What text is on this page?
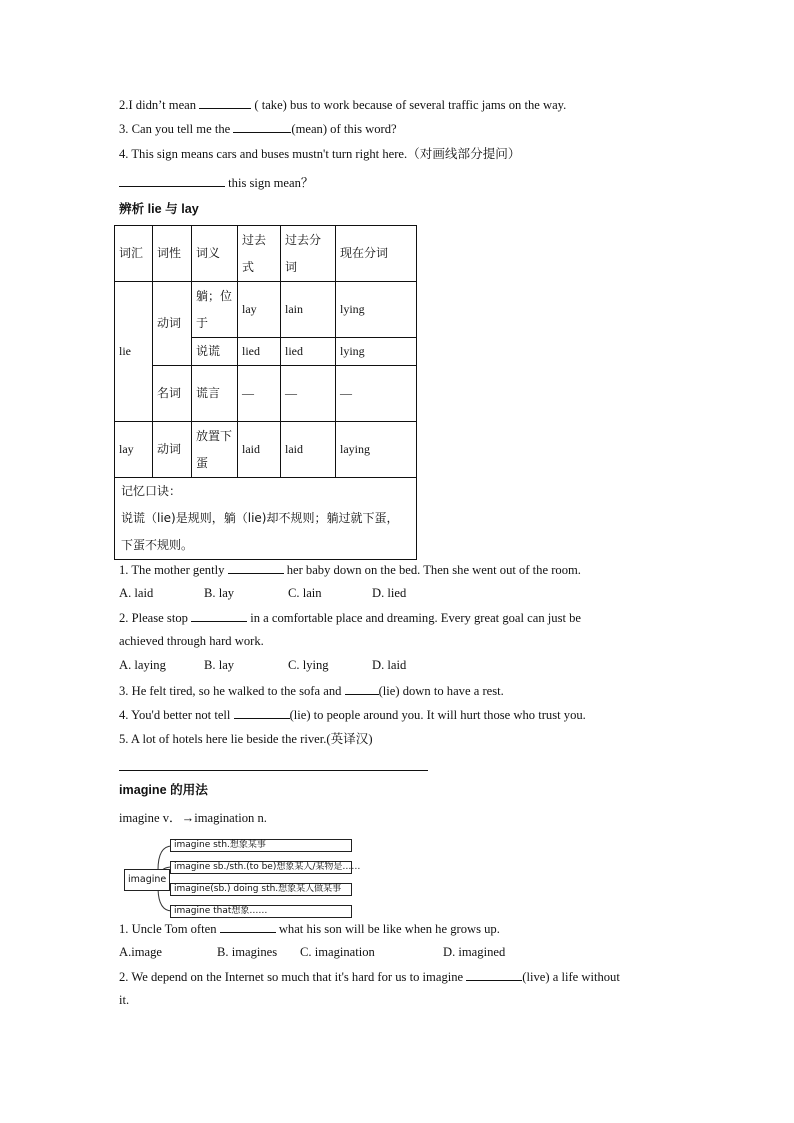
2.I didn’t mean	( take) bus to work because of several traffic jams on the way.
3. Can you tell me the	(mean) of this word?
4. This sign means cars and buses mustn't turn right here.（对画线部分提问）
this sign mean？
辨析 lie 与 lay
词汇	词性	词义	过去式	过去分词	现在分词
lie	动词	躺；位于	lay	lain	lying
		说谎	lied	lied	lying
	名词	谎言	—	—	—
lay	动词	放置下蛋	laid	laid	laying

记忆口诀：
说谎（lie)是规则，躺（lie)却不规则；躺过就下蛋，下蛋不规则。					
1. The mother gently	her baby down on the bed. Then she went out of the room.
A. laid	B. lay	C. lain	D. lied
2. Please stop	in a comfortable place and dreaming. Every great goal can just be
achieved through hard work.
A. laying	B. lay	C. lying	D. laid
3. He felt tired, so he walked to the sofa and	(lie) down to have a rest.
4. You'd better not tell	(lie) to people around you. It will hurt those who trust you.
5. A lot of hotels here lie beside the river.(英译汉)
imagine 的用法
imagine v．→imagination n.
imagine
imagine sth.想象某事
imagine sb./sth.(to be)想象某人/某物是……
imagine(sb.) doing sth.想象某人做某事
imagine that想象……
1. Uncle Tom often	what his son will be like when he grows up.
A.image	B. imagines C. imagination	D. imagined
2. We depend on the Internet so much that it's hard for us to imagine	(live) a life without
it.
